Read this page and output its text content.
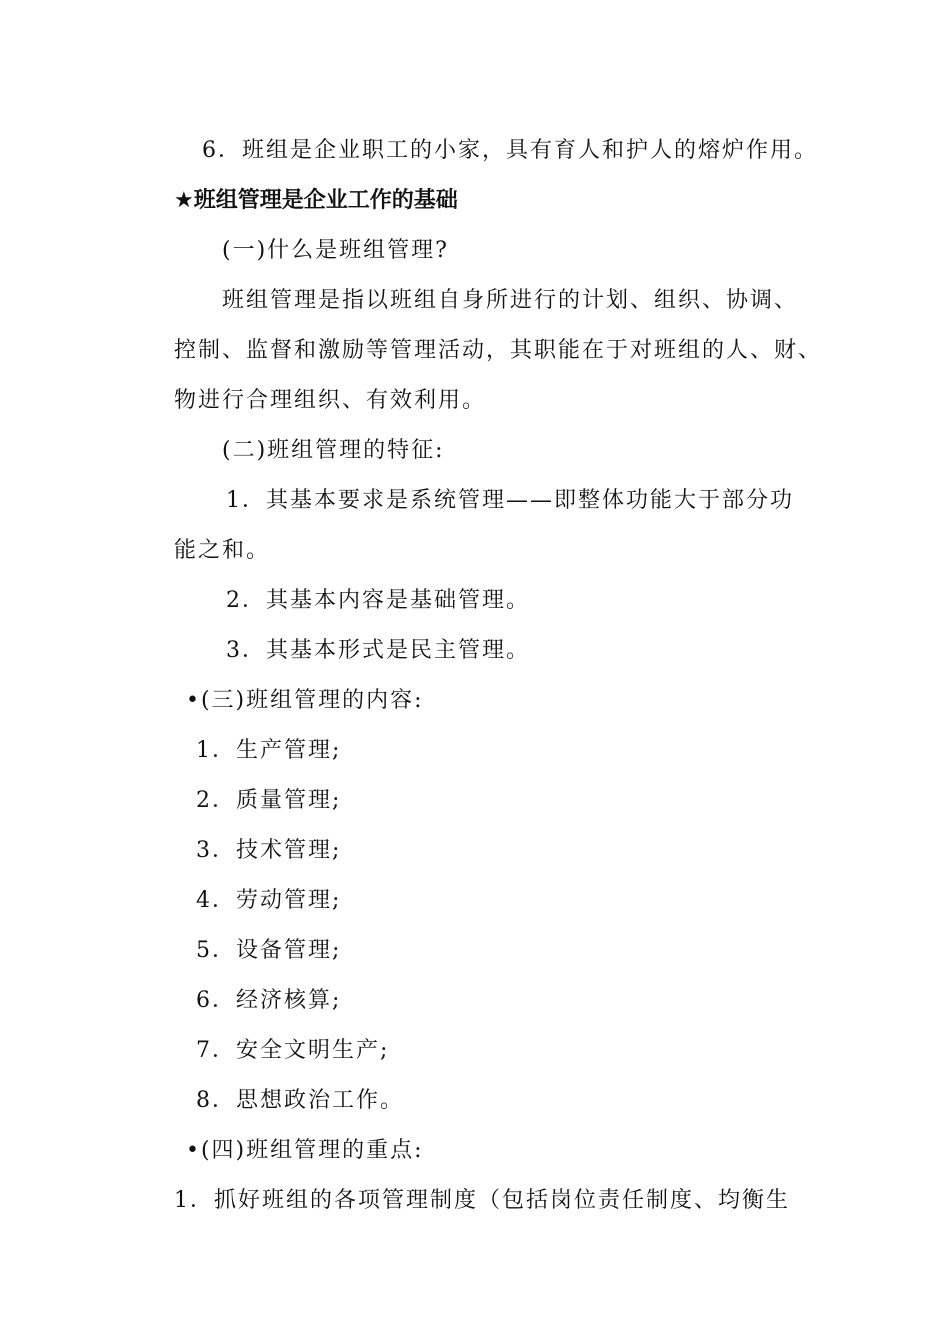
6．班组是企业职工的小家，具有育人和护人的熔炉作用。
★班组管理是企业工作的基础
(一)什么是班组管理?
班组管理是指以班组自身所进行的计划、组织、协调、
控制、监督和激励等管理活动，其职能在于对班组的人、财、
物进行合理组织、有效利用。
(二)班组管理的特征:
1．其基本要求是系统管理——即整体功能大于部分功
能之和。
2．其基本内容是基础管理。
3．其基本形式是民主管理。
•(三)班组管理的内容:
1．生产管理;
2．质量管理;
3．技术管理;
4．劳动管理;
5．设备管理;
6．经济核算;
7．安全文明生产;
8．思想政治工作。
•(四)班组管理的重点:
1．抓好班组的各项管理制度（包括岗位责任制度、均衡生
